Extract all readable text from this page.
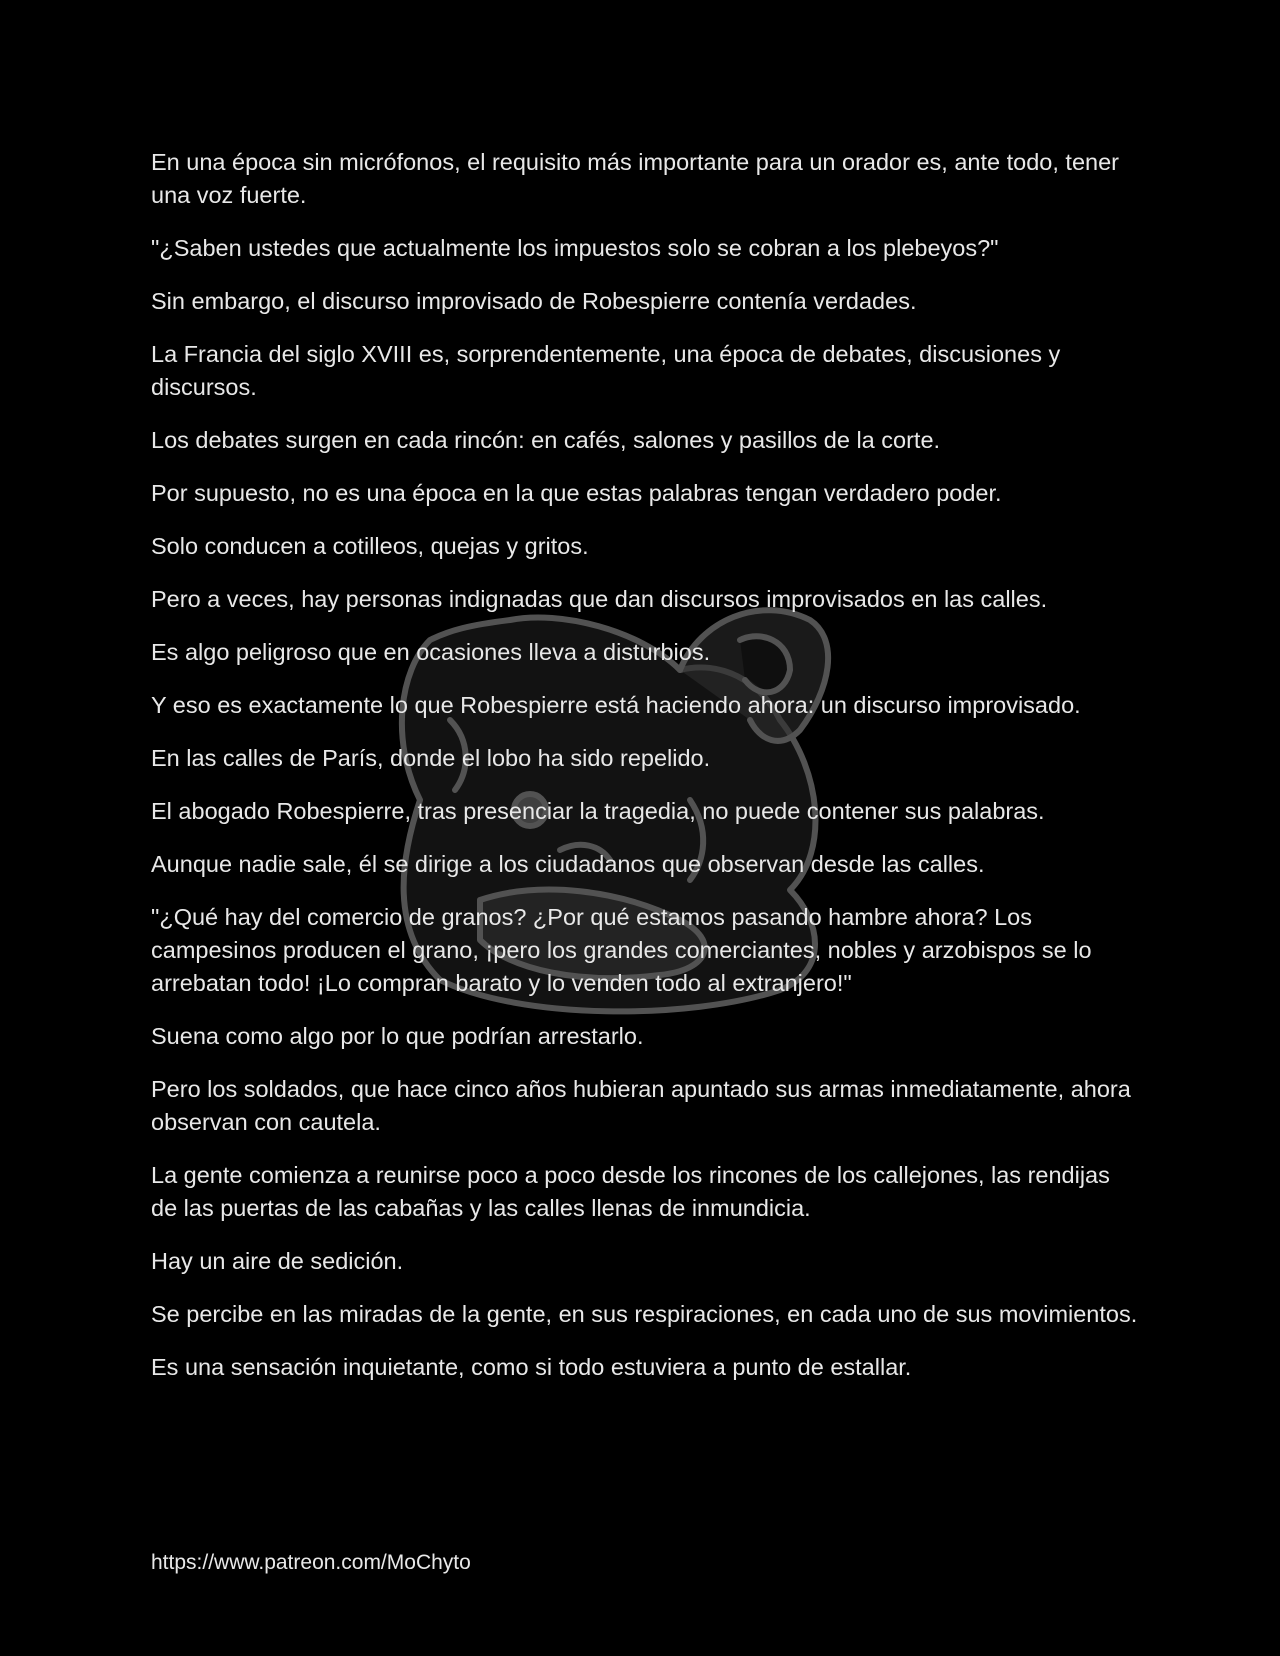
En una época sin micrófonos, el requisito más importante para un orador es, ante todo, tener una voz fuerte.

"¿Saben ustedes que actualmente los impuestos solo se cobran a los plebeyos?"

Sin embargo, el discurso improvisado de Robespierre contenía verdades.

La Francia del siglo XVIII es, sorprendentemente, una época de debates, discusiones y discursos.

Los debates surgen en cada rincón: en cafés, salones y pasillos de la corte.

Por supuesto, no es una época en la que estas palabras tengan verdadero poder.

Solo conducen a cotilleos, quejas y gritos.

Pero a veces, hay personas indignadas que dan discursos improvisados en las calles.

Es algo peligroso que en ocasiones lleva a disturbios.

Y eso es exactamente lo que Robespierre está haciendo ahora: un discurso improvisado.

En las calles de París, donde el lobo ha sido repelido.

El abogado Robespierre, tras presenciar la tragedia, no puede contener sus palabras.

Aunque nadie sale, él se dirige a los ciudadanos que observan desde las calles.

"¿Qué hay del comercio de granos? ¿Por qué estamos pasando hambre ahora? Los campesinos producen el grano, ¡pero los grandes comerciantes, nobles y arzobispos se lo arrebatan todo! ¡Lo compran barato y lo venden todo al extranjero!"

Suena como algo por lo que podrían arrestarlo.

Pero los soldados, que hace cinco años hubieran apuntado sus armas inmediatamente, ahora observan con cautela.

La gente comienza a reunirse poco a poco desde los rincones de los callejones, las rendijas de las puertas de las cabañas y las calles llenas de inmundicia.

Hay un aire de sedición.

Se percibe en las miradas de la gente, en sus respiraciones, en cada uno de sus movimientos.

Es una sensación inquietante, como si todo estuviera a punto de estallar.

https://www.patreon.com/MoChyto
